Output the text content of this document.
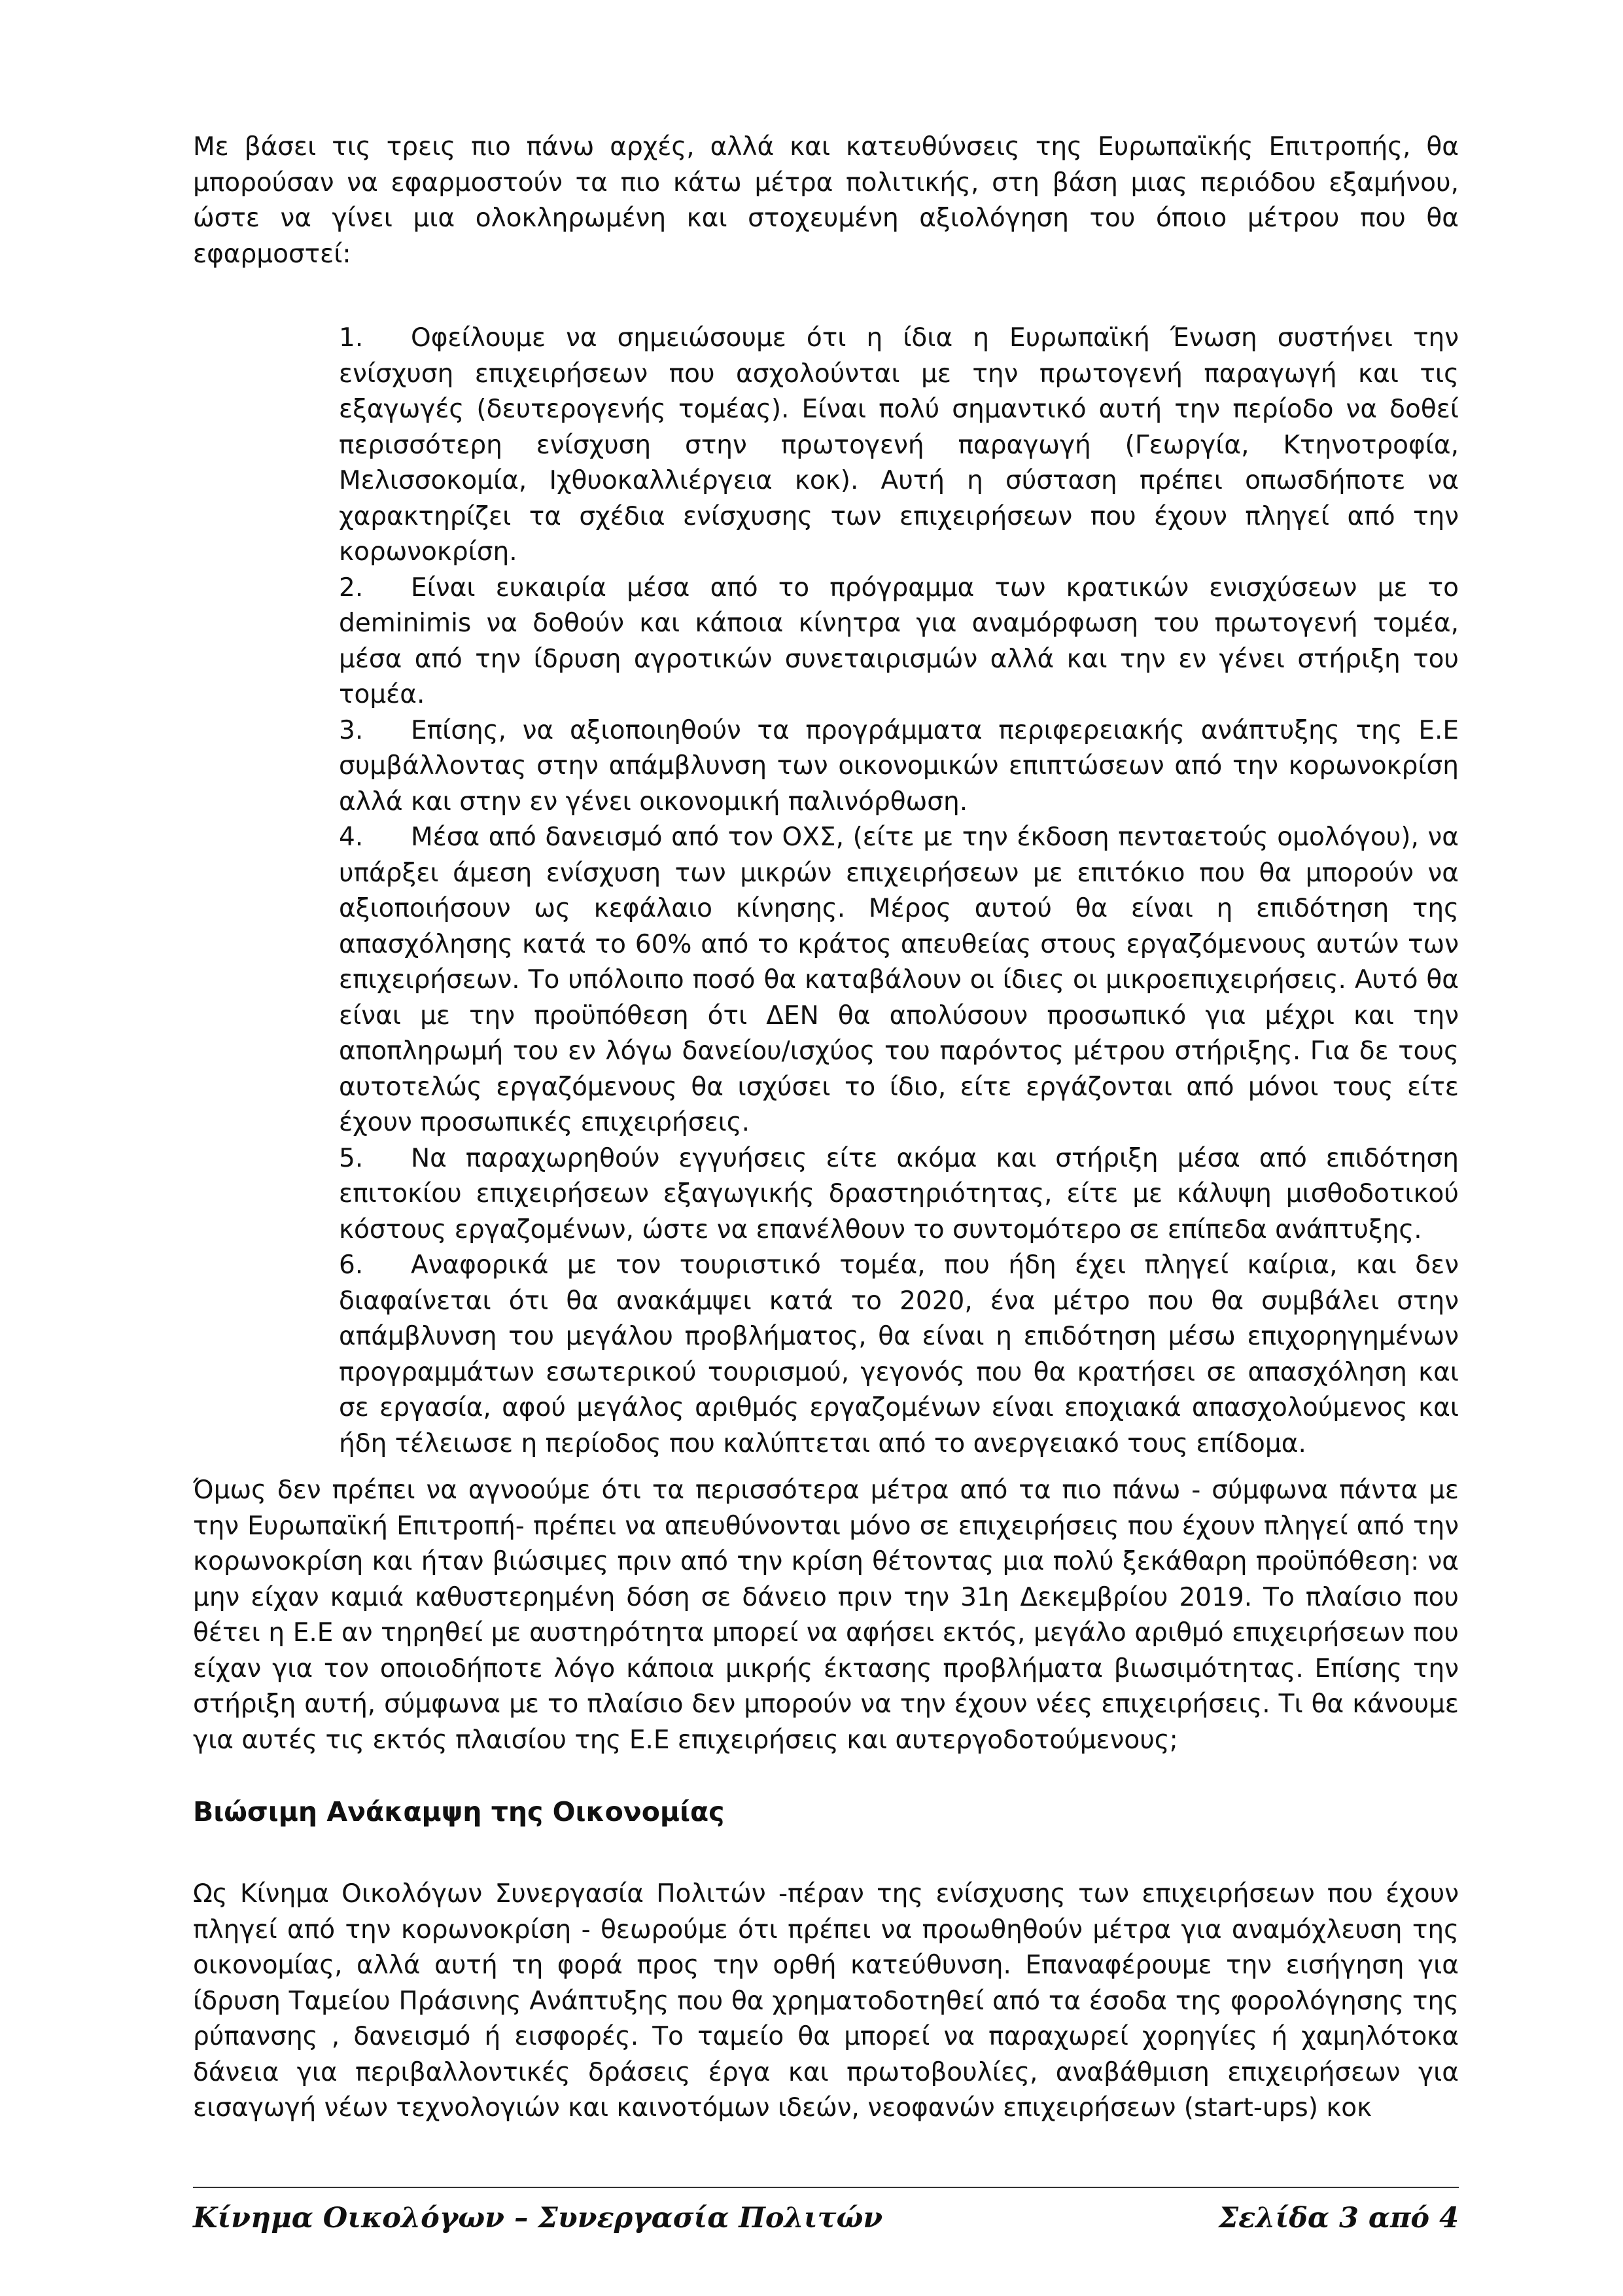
Με βάσει τις τρεις πιο πάνω αρχές, αλλά και κατευθύνσεις της Ευρωπαϊκής Επιτροπής, θα μπορούσαν να εφαρμοστούν τα πιο κάτω μέτρα πολιτικής, στη βάση μιας περιόδου εξαμήνου, ώστε να γίνει μια ολοκληρωμένη και στοχευμένη αξιολόγηση του όποιο μέτρου που θα εφαρμοστεί:

1. Οφείλουμε να σημειώσουμε ότι η ίδια η Ευρωπαϊκή Ένωση συστήνει την ενίσχυση επιχειρήσεων που ασχολούνται με την πρωτογενή παραγωγή και τις εξαγωγές (δευτερογενής τομέας). Είναι πολύ σημαντικό αυτή την περίοδο να δοθεί περισσότερη ενίσχυση στην πρωτογενή παραγωγή (Γεωργία, Κτηνοτροφία, Μελισσοκομία, Ιχθυοκαλλιέργεια κοκ). Αυτή η σύσταση πρέπει οπωσδήποτε να χαρακτηρίζει τα σχέδια ενίσχυσης των επιχειρήσεων που έχουν πληγεί από την κορωνοκρίση.
2. Είναι ευκαιρία μέσα από το πρόγραμμα των κρατικών ενισχύσεων με το deminimis να δοθούν και κάποια κίνητρα για αναμόρφωση του πρωτογενή τομέα, μέσα από την ίδρυση αγροτικών συνεταιρισμών αλλά και την εν γένει στήριξη του τομέα.
3. Επίσης, να αξιοποιηθούν τα προγράμματα περιφερειακής ανάπτυξης της Ε.Ε συμβάλλοντας στην απάμβλυνση των οικονομικών επιπτώσεων από την κορωνοκρίση αλλά και στην εν γένει οικονομική παλινόρθωση.
4. Μέσα από δανεισμό από τον ΟΧΣ, (είτε με την έκδοση πενταετούς ομολόγου), να υπάρξει άμεση ενίσχυση των μικρών επιχειρήσεων με επιτόκιο που θα μπορούν να αξιοποιήσουν ως κεφάλαιο κίνησης. Μέρος αυτού θα είναι η επιδότηση της απασχόλησης κατά το 60% από το κράτος απευθείας στους εργαζόμενους αυτών των επιχειρήσεων. Το υπόλοιπο ποσό θα καταβάλουν οι ίδιες οι μικροεπιχειρήσεις. Αυτό θα είναι με την προϋπόθεση ότι ΔΕΝ θα απολύσουν προσωπικό για μέχρι και την αποπληρωμή του εν λόγω δανείου/ισχύος του παρόντος μέτρου στήριξης. Για δε τους αυτοτελώς εργαζόμενους θα ισχύσει το ίδιο, είτε εργάζονται από μόνοι τους είτε έχουν προσωπικές επιχειρήσεις.
5. Να παραχωρηθούν εγγυήσεις είτε ακόμα και στήριξη μέσα από επιδότηση επιτοκίου επιχειρήσεων εξαγωγικής δραστηριότητας, είτε με κάλυψη μισθοδοτικού κόστους εργαζομένων, ώστε να επανέλθουν το συντομότερο σε επίπεδα ανάπτυξης.
6. Αναφορικά με τον τουριστικό τομέα, που ήδη έχει πληγεί καίρια, και δεν διαφαίνεται ότι θα ανακάμψει κατά το 2020, ένα μέτρο που θα συμβάλει στην απάμβλυνση του μεγάλου προβλήματος, θα είναι η επιδότηση μέσω επιχορηγημένων προγραμμάτων εσωτερικού τουρισμού, γεγονός που θα κρατήσει σε απασχόληση και σε εργασία, αφού μεγάλος αριθμός εργαζομένων είναι εποχιακά απασχολούμενος και ήδη τέλειωσε η περίοδος που καλύπτεται από το ανεργειακό τους επίδομα.

Όμως δεν πρέπει να αγνοούμε ότι τα περισσότερα μέτρα από τα πιο πάνω - σύμφωνα πάντα με την Ευρωπαϊκή Επιτροπή- πρέπει να απευθύνονται μόνο σε επιχειρήσεις που έχουν πληγεί από την κορωνοκρίση και ήταν βιώσιμες πριν από την κρίση θέτοντας μια πολύ ξεκάθαρη προϋπόθεση: να μην είχαν καμιά καθυστερημένη δόση σε δάνειο πριν την 31η Δεκεμβρίου 2019. Το πλαίσιο που θέτει η Ε.Ε αν τηρηθεί με αυστηρότητα μπορεί να αφήσει εκτός, μεγάλο αριθμό επιχειρήσεων που είχαν για τον οποιοδήποτε λόγο κάποια μικρής έκτασης προβλήματα βιωσιμότητας. Επίσης την στήριξη αυτή, σύμφωνα με το πλαίσιο δεν μπορούν να την έχουν νέες επιχειρήσεις. Τι θα κάνουμε για αυτές τις εκτός πλαισίου της Ε.Ε επιχειρήσεις και αυτεργοδοτούμενους;

Βιώσιμη Ανάκαμψη της Οικονομίας

Ως Κίνημα Οικολόγων Συνεργασία Πολιτών -πέραν της ενίσχυσης των επιχειρήσεων που έχουν πληγεί από την κορωνοκρίση - θεωρούμε ότι πρέπει να προωθηθούν μέτρα για αναμόχλευση της οικονομίας, αλλά αυτή τη φορά προς την ορθή κατεύθυνση. Επαναφέρουμε την εισήγηση για ίδρυση Ταμείου Πράσινης Ανάπτυξης που θα χρηματοδοτηθεί από τα έσοδα της φορολόγησης της ρύπανσης , δανεισμό ή εισφορές. Το ταμείο θα μπορεί να παραχωρεί χορηγίες ή χαμηλότοκα δάνεια για περιβαλλοντικές δράσεις έργα και πρωτοβουλίες, αναβάθμιση επιχειρήσεων για εισαγωγή νέων τεχνολογιών και καινοτόμων ιδεών, νεοφανών επιχειρήσεων (start-ups) κοκ

Κίνημα Οικολόγων – Συνεργασία Πολιτών	Σελίδα 3 από 4
